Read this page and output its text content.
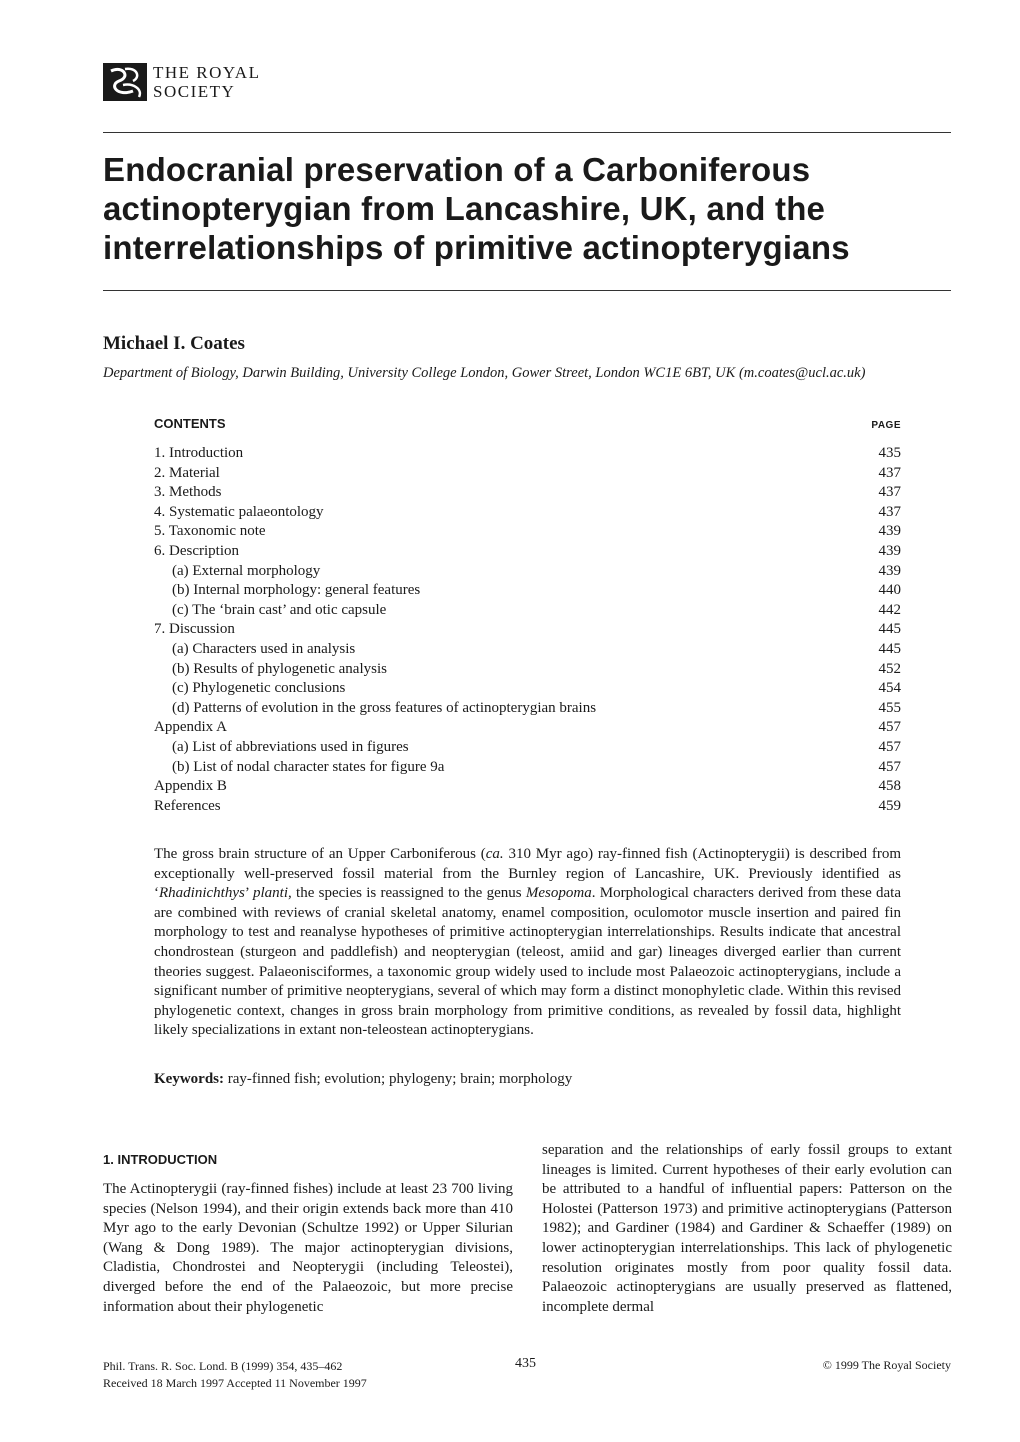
THE ROYAL
SOCIETY
Endocranial preservation of a Carboniferous
actinopterygian from Lancashire, UK, and the
interrelationships of primitive actinopterygians
Michael I. Coates
Department of Biology, Darwin Building, University College London, Gower Street, London WC1E 6BT, UK (m.coates@ucl.ac.uk)
CONTENTS	PAGE
1. Introduction	435
2. Material	437
3. Methods	437
4. Systematic palaeontology	437
5. Taxonomic note	439
6. Description	439
(a) External morphology	439
(b) Internal morphology: general features	440
(c) The ‘brain cast’ and otic capsule	442
7. Discussion	445
(a) Characters used in analysis	445
(b) Results of phylogenetic analysis	452
(c) Phylogenetic conclusions	454
(d) Patterns of evolution in the gross features of actinopterygian brains	455
Appendix A	457
(a) List of abbreviations used in figures	457
(b) List of nodal character states for figure 9a	457
Appendix B	458
References	459

The gross brain structure of an Upper Carboniferous (ca. 310 Myr ago) ray-finned fish (Actinopterygii) is described from exceptionally well-preserved fossil material from the Burnley region of Lancashire, UK. Previously identified as ‘Rhadinichthys’ planti, the species is reassigned to the genus Mesopoma. Morphological characters derived from these data are combined with reviews of cranial skeletal anatomy, enamel composition, oculomotor muscle insertion and paired fin morphology to test and reanalyse hypotheses of primitive actinopterygian interrelationships. Results indicate that ancestral chondrostean (sturgeon and paddlefish) and neopterygian (teleost, amiid and gar) lineages diverged earlier than current theories suggest. Palaeonisciformes, a taxonomic group widely used to include most Palaeozoic actinopterygians, include a significant number of primitive neopterygians, several of which may form a distinct monophyletic clade. Within this revised phylogenetic context, changes in gross brain morphology from primitive conditions, as revealed by fossil data, highlight likely specializations in extant non-teleostean actinopterygians.

Keywords: ray-finned fish; evolution; phylogeny; brain; morphology
1. INTRODUCTION

The Actinopterygii (ray-finned fishes) include at least 23 700 living species (Nelson 1994), and their origin extends back more than 410 Myr ago to the early Devonian (Schultze 1992) or Upper Silurian (Wang & Dong 1989). The major actinopterygian divisions, Cladistia, Chondrostei and Neopterygii (including Teleostei), diverged before the end of the Palaeozoic, but more precise information about their phylogenetic

separation and the relationships of early fossil groups to extant lineages is limited. Current hypotheses of their early evolution can be attributed to a handful of influential papers: Patterson on the Holostei (Patterson 1973) and primitive actinopterygians (Patterson 1982); and Gardiner (1984) and Gardiner & Schaeffer (1989) on lower actinopterygian interrelationships. This lack of phylogenetic resolution originates mostly from poor quality fossil data. Palaeozoic actinopterygians are usually preserved as flattened, incomplete dermal

Phil. Trans. R. Soc. Lond. B (1999) 354, 435–462
Received 18 March 1997 Accepted 11 November 1997
435	© 1999 The Royal Society
